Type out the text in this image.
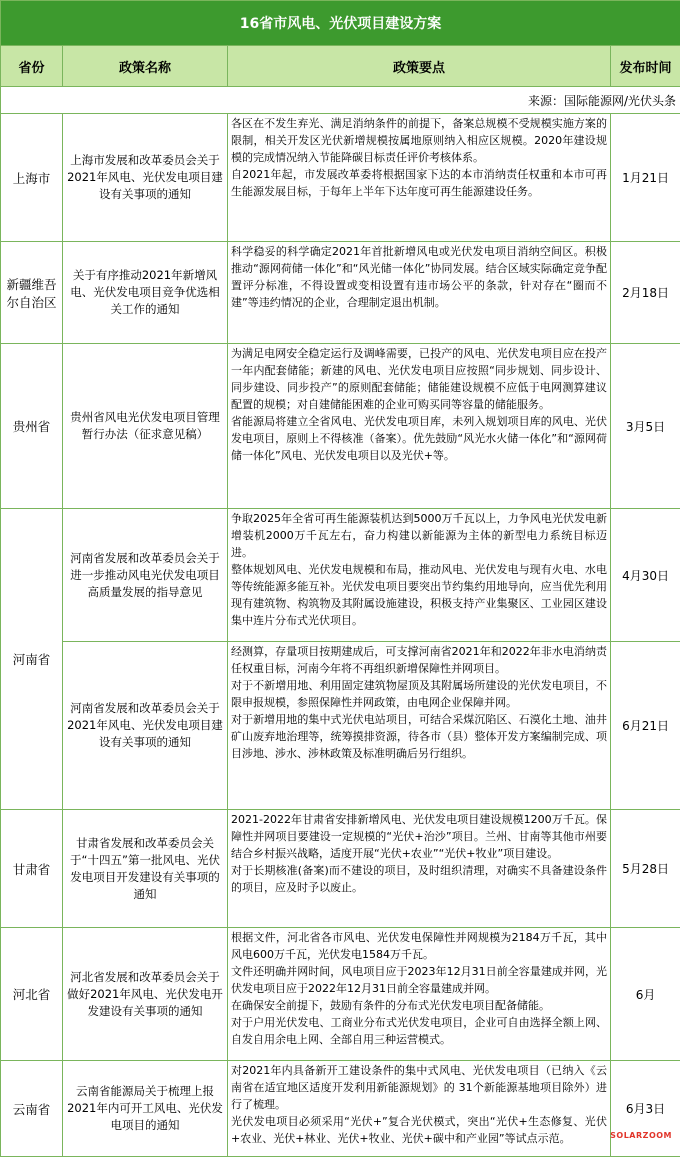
16省市风电、光伏项目建设方案			
省份	政策名称	政策要点	发布时间
来源：国际能源网/光伏头条			
上海市	上海市发展和改革委员会关于2021年风电、光伏发电项目建设有关事项的通知	各区在不发生弃光、满足消纳条件的前提下，备案总规模不受规模实施方案的限制，相关开发区光伏新增规模按属地原则纳入相应区规模。2020年建设规模的完成情况纳入节能降碳目标责任评价考核体系。
自2021年起，市发展改革委将根据国家下达的本市消纳责任权重和本市可再生能源发展目标，于每年上半年下达年度可再生能源建设任务。	1月21日
新疆维吾尔自治区	关于有序推动2021年新增风电、光伏发电项目竞争优选相关工作的通知	科学稳妥的科学确定2021年首批新增风电或光伏发电项目消纳空间区。积极推动“源网荷储一体化”和“风光储一体化”协同发展。结合区域实际确定竞争配置评分标准，不得设置或变相设置有违市场公平的条款，针对存在“圈而不建”等违约情况的企业，合理制定退出机制。	2月18日
贵州省	贵州省风电光伏发电项目管理暂行办法（征求意见稿）	为满足电网安全稳定运行及调峰需要，已投产的风电、光伏发电项目应在投产一年内配套储能；新建的风电、光伏发电项目应按照“同步规划、同步设计、同步建设、同步投产”的原则配套储能；储能建设规模不应低于电网测算建议配置的规模；对自建储能困难的企业可购买同等容量的储能服务。
省能源局将建立全省风电、光伏发电项目库，未列入规划项目库的风电、光伏发电项目，原则上不得核准（备案）。优先鼓励“风光水火储一体化”和“源网荷储一体化”风电、光伏发电项目以及光伏+等。	3月5日
河南省	河南省发展和改革委员会关于进一步推动风电光伏发电项目高质量发展的指导意见	争取2025年全省可再生能源装机达到5000万千瓦以上，力争风电光伏发电新增装机2000万千瓦左右，奋力构建以新能源为主体的新型电力系统目标迈进。
整体规划风电、光伏发电规模和布局，推动风电、光伏发电与现有火电、水电等传统能源多能互补。光伏发电项目要突出节约集约用地导向，应当优先利用现有建筑物、构筑物及其附属设施建设，积极支持产业集聚区、工业园区建设集中连片分布式光伏项目。	4月30日
	河南省发展和改革委员会关于2021年风电、光伏发电项目建设有关事项的通知	经测算，存量项目按期建成后，可支撑河南省2021年和2022年非水电消纳责任权重目标，河南今年将不再组织新增保障性并网项目。
对于不新增用地、利用固定建筑物屋顶及其附属场所建设的光伏发电项目，不限申报规模，参照保障性并网政策，由电网企业保障并网。
对于新增用地的集中式光伏电站项目，可结合采煤沉陷区、石漠化土地、油井矿山废弃地治理等，统筹摸排资源，待各市（县）整体开发方案编制完成、项目涉地、涉水、涉林政策及标准明确后另行组织。	6月21日
甘肃省	甘肃省发展和改革委员会关于“十四五”第一批风电、光伏发电项目开发建设有关事项的通知	2021-2022年甘肃省安排新增风电、光伏发电项目建设规模1200万千瓦。保障性并网项目要建设一定规模的“光伏+治沙”项目。兰州、甘南等其他市州要结合乡村振兴战略，适度开展“光伏+农业”“光伏+牧业”项目建设。
对于长期核准(备案)而不建设的项目，及时组织清理，对确实不具备建设条件的项目，应及时予以废止。	5月28日
河北省	河北省发展和改革委员会关于做好2021年风电、光伏发电开发建设有关事项的通知	根据文件，河北省各市风电、光伏发电保障性并网规模为2184万千瓦，其中风电600万千瓦，光伏发电1584万千瓦。
文件还明确并网时间，风电项目应于2023年12月31日前全容量建成并网，光伏发电项目应于2022年12月31日前全容量建成并网。
在确保安全前提下，鼓励有条件的分布式光伏发电项目配备储能。
对于户用光伏发电、工商业分布式光伏发电项目，企业可自由选择全额上网、自发自用余电上网、全部自用三种运营模式。	6月
云南省	云南省能源局关于梳理上报2021年内可开工风电、光伏发电项目的通知	对2021年内具备新开工建设条件的集中式风电、光伏发电项目（已纳入《云南省在适宜地区适度开发利用新能源规划》的 31个新能源基地项目除外）进行了梳理。
光伏发电项目必须采用“光伏+”复合光伏模式，突出“光伏+生态修复、光伏+农业、光伏+林业、光伏+牧业、光伏+碳中和产业园”等试点示范。	6月3日
SOLARZOOM
